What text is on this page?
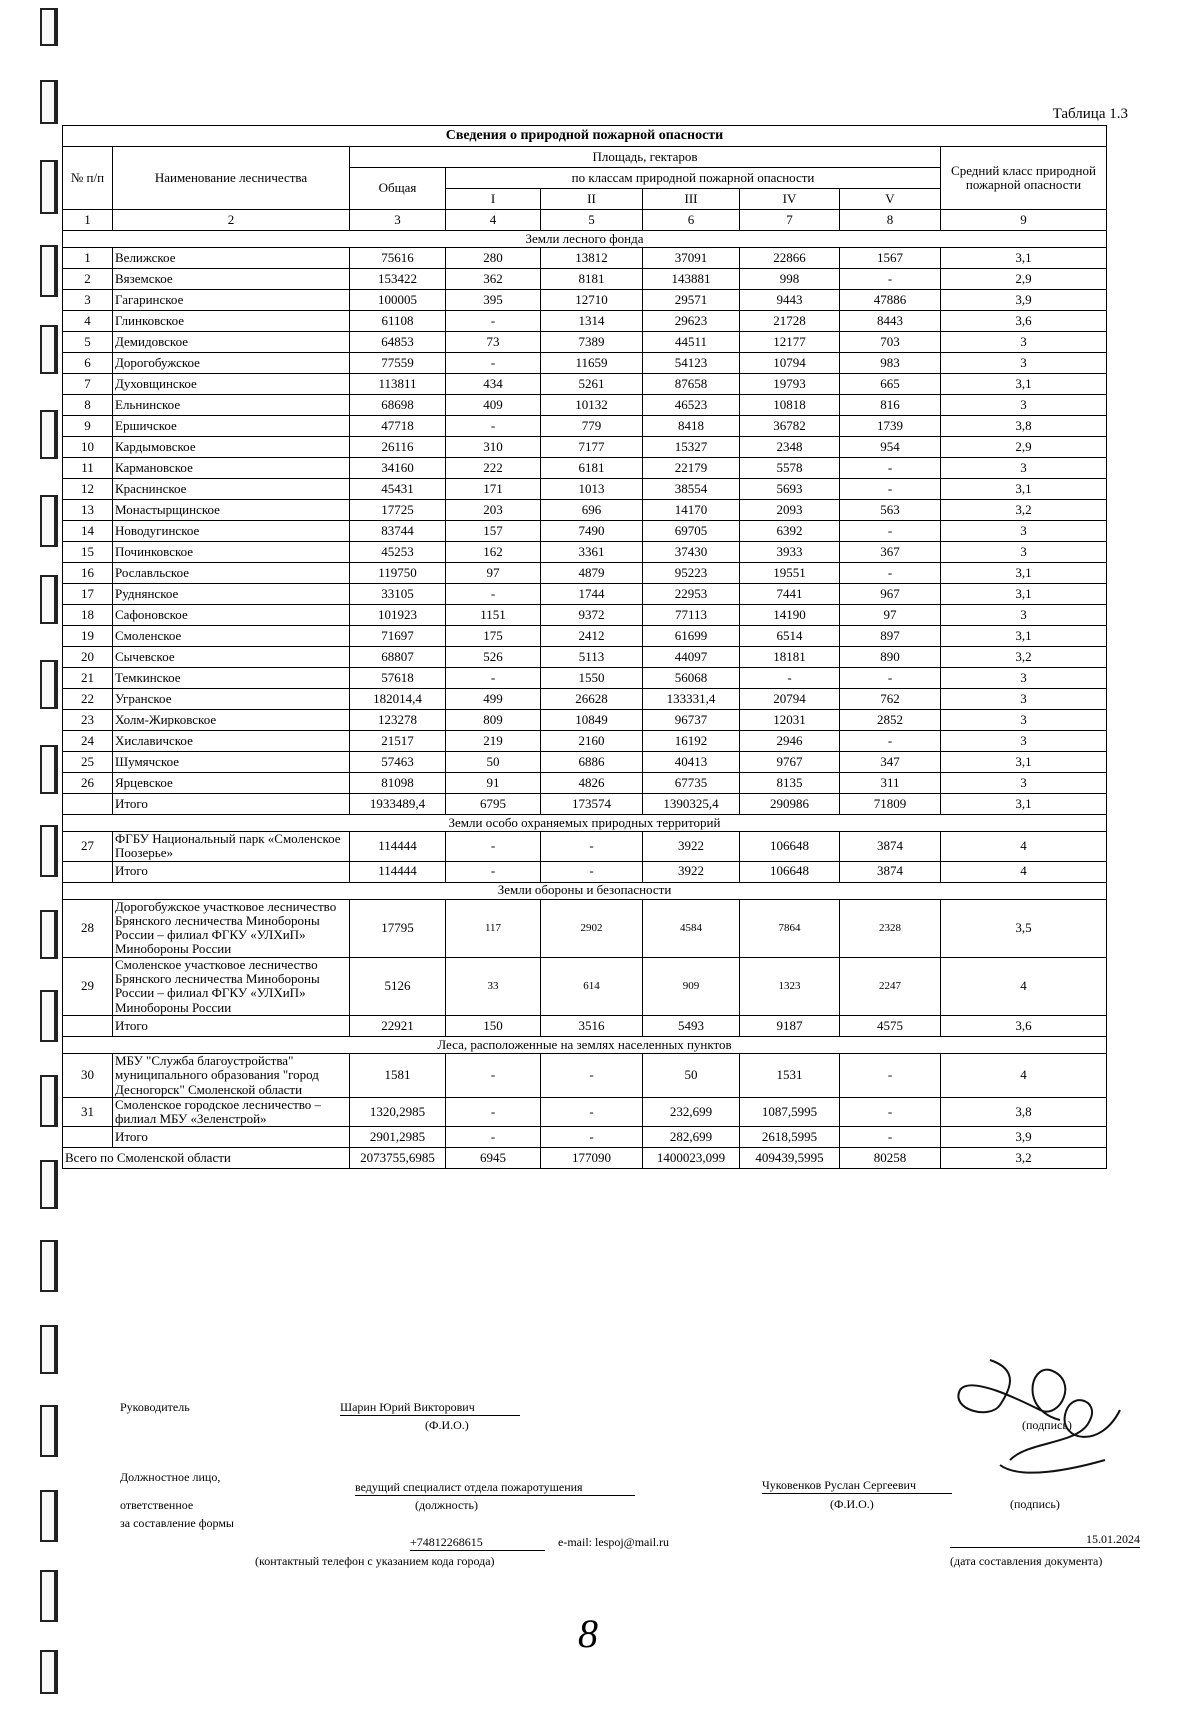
Таблица 1.3
Сведения о природной пожарной опасности								
№ п/п	Наименование лесничества	Площадь, гектаров						Средний класс природной пожарной опасности
		Общая	по классам природной пожарной опасности					
			I	II	III	IV	V	
1	2	3	4	5	6	7	8	9
Земли лесного фонда								
1	Велижское	75616	280	13812	37091	22866	1567	3,1
2	Вяземское	153422	362	8181	143881	998	-	2,9
3	Гагаринское	100005	395	12710	29571	9443	47886	3,9
4	Глинковское	61108	-	1314	29623	21728	8443	3,6
5	Демидовское	64853	73	7389	44511	12177	703	3
6	Дорогобужское	77559	-	11659	54123	10794	983	3
7	Духовщинское	113811	434	5261	87658	19793	665	3,1
8	Ельнинское	68698	409	10132	46523	10818	816	3
9	Ершичское	47718	-	779	8418	36782	1739	3,8
10	Кардымовское	26116	310	7177	15327	2348	954	2,9
11	Кармановское	34160	222	6181	22179	5578	-	3
12	Краснинское	45431	171	1013	38554	5693	-	3,1
13	Монастырщинское	17725	203	696	14170	2093	563	3,2
14	Новодугинское	83744	157	7490	69705	6392	-	3
15	Починковское	45253	162	3361	37430	3933	367	3
16	Рославльское	119750	97	4879	95223	19551	-	3,1
17	Руднянское	33105	-	1744	22953	7441	967	3,1
18	Сафоновское	101923	1151	9372	77113	14190	97	3
19	Смоленское	71697	175	2412	61699	6514	897	3,1
20	Сычевское	68807	526	5113	44097	18181	890	3,2
21	Темкинское	57618	-	1550	56068	-	-	3
22	Угранское	182014,4	499	26628	133331,4	20794	762	3
23	Холм-Жирковское	123278	809	10849	96737	12031	2852	3
24	Хиславичское	21517	219	2160	16192	2946	-	3
25	Шумячское	57463	50	6886	40413	9767	347	3,1
26	Ярцевское	81098	91	4826	67735	8135	311	3
	Итого	1933489,4	6795	173574	1390325,4	290986	71809	3,1
Земли особо охраняемых природных территорий								
27	ФГБУ Национальный парк «Смоленское Поозерье»	114444	-	-	3922	106648	3874	4
	Итого	114444	-	-	3922	106648	3874	4
Земли обороны и безопасности								
28	Дорогобужское участковое лесничество Брянского лесничества Минобороны России – филиал ФГКУ «УЛХиП» Минобороны России	17795	117	2902	4584	7864	2328	3,5
29	Смоленское участковое лесничество Брянского лесничества Минобороны России – филиал ФГКУ «УЛХиП» Минобороны России	5126	33	614	909	1323	2247	4
	Итого	22921	150	3516	5493	9187	4575	3,6
Леса, расположенные на землях населенных пунктов								
30	МБУ "Служба благоустройства" муниципального образования "город Десногорск" Смоленской области	1581	-	-	50	1531	-	4
31	Смоленское городское лесничество – филиал МБУ «Зеленстрой»	1320,2985	-	-	232,699	1087,5995	-	3,8
	Итого	2901,2985	-	-	282,699	2618,5995	-	3,9
Всего по Смоленской области		2073755,6985	6945	177090	1400023,099	409439,5995	80258	3,2
Руководитель	Шарин Юрий Викторович
(Ф.И.О.)
Должностное лицо,
ответственное
за составление формы
ведущий специалист отдела пожаротушения
(должность)
Чуковенков Руслан Сергеевич
(Ф.И.О.)
(подпись)
(подпись)
+74812268615	e-mail: lespoj@mail.ru
(контактный телефон с указанием кода города)
15.01.2024
(дата составления документа)
8
